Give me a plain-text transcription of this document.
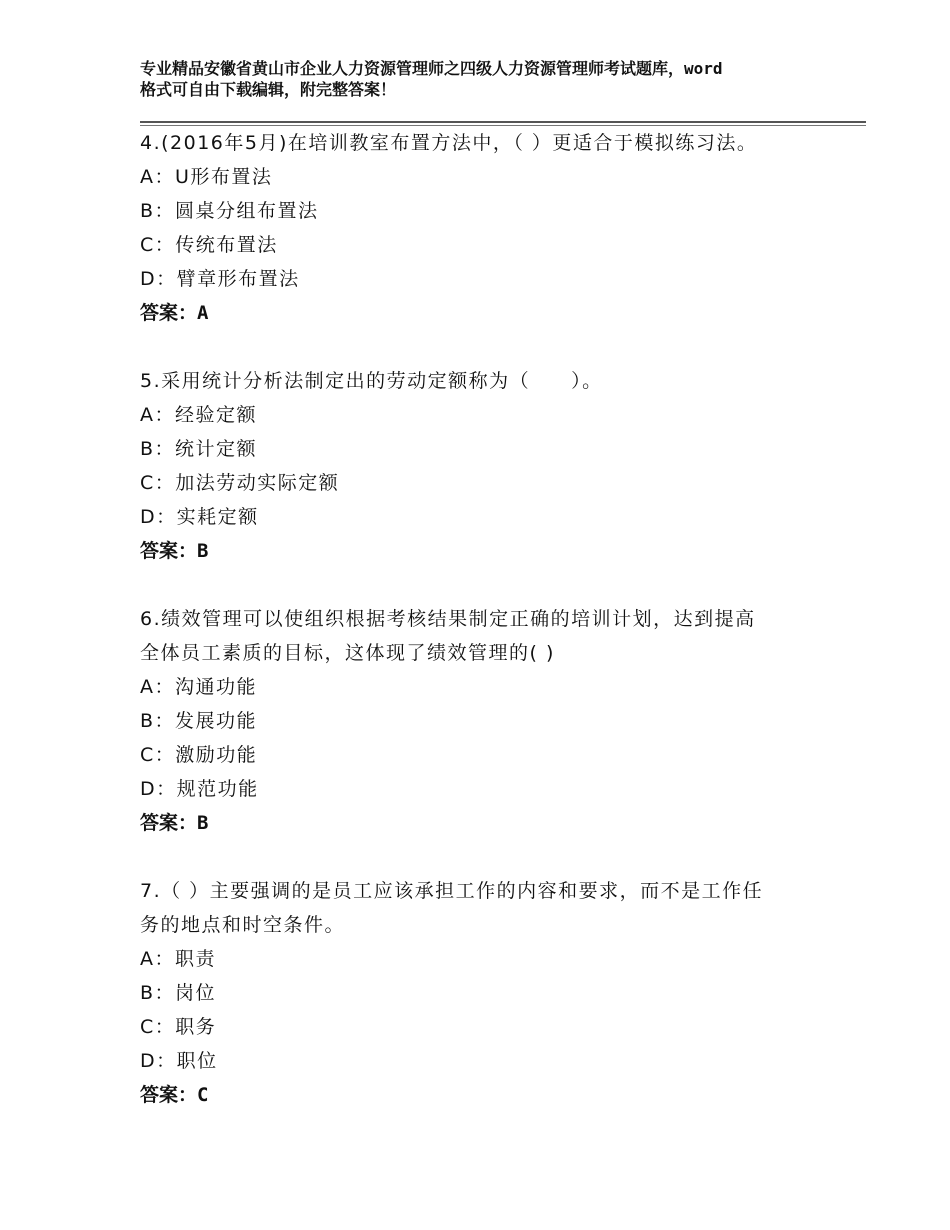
专业精品安徽省黄山市企业人力资源管理师之四级人力资源管理师考试题库，word
格式可自由下载编辑，附完整答案！

4.(2016年5月)在培训教室布置方法中，（ ）更适合于模拟练习法。

A：U形布置法

B：圆桌分组布置法

C：传统布置法

D：臂章形布置法

答案：A

5.采用统计分析法制定出的劳动定额称为（　　）。

A：经验定额

B：统计定额

C：加法劳动实际定额

D：实耗定额

答案：B

6.绩效管理可以使组织根据考核结果制定正确的培训计划，达到提高

全体员工素质的目标，这体现了绩效管理的( )

A：沟通功能

B：发展功能

C：激励功能

D：规范功能

答案：B

7.（ ）主要强调的是员工应该承担工作的内容和要求，而不是工作任

务的地点和时空条件。

A：职责

B：岗位

C：职务

D：职位

答案：C
